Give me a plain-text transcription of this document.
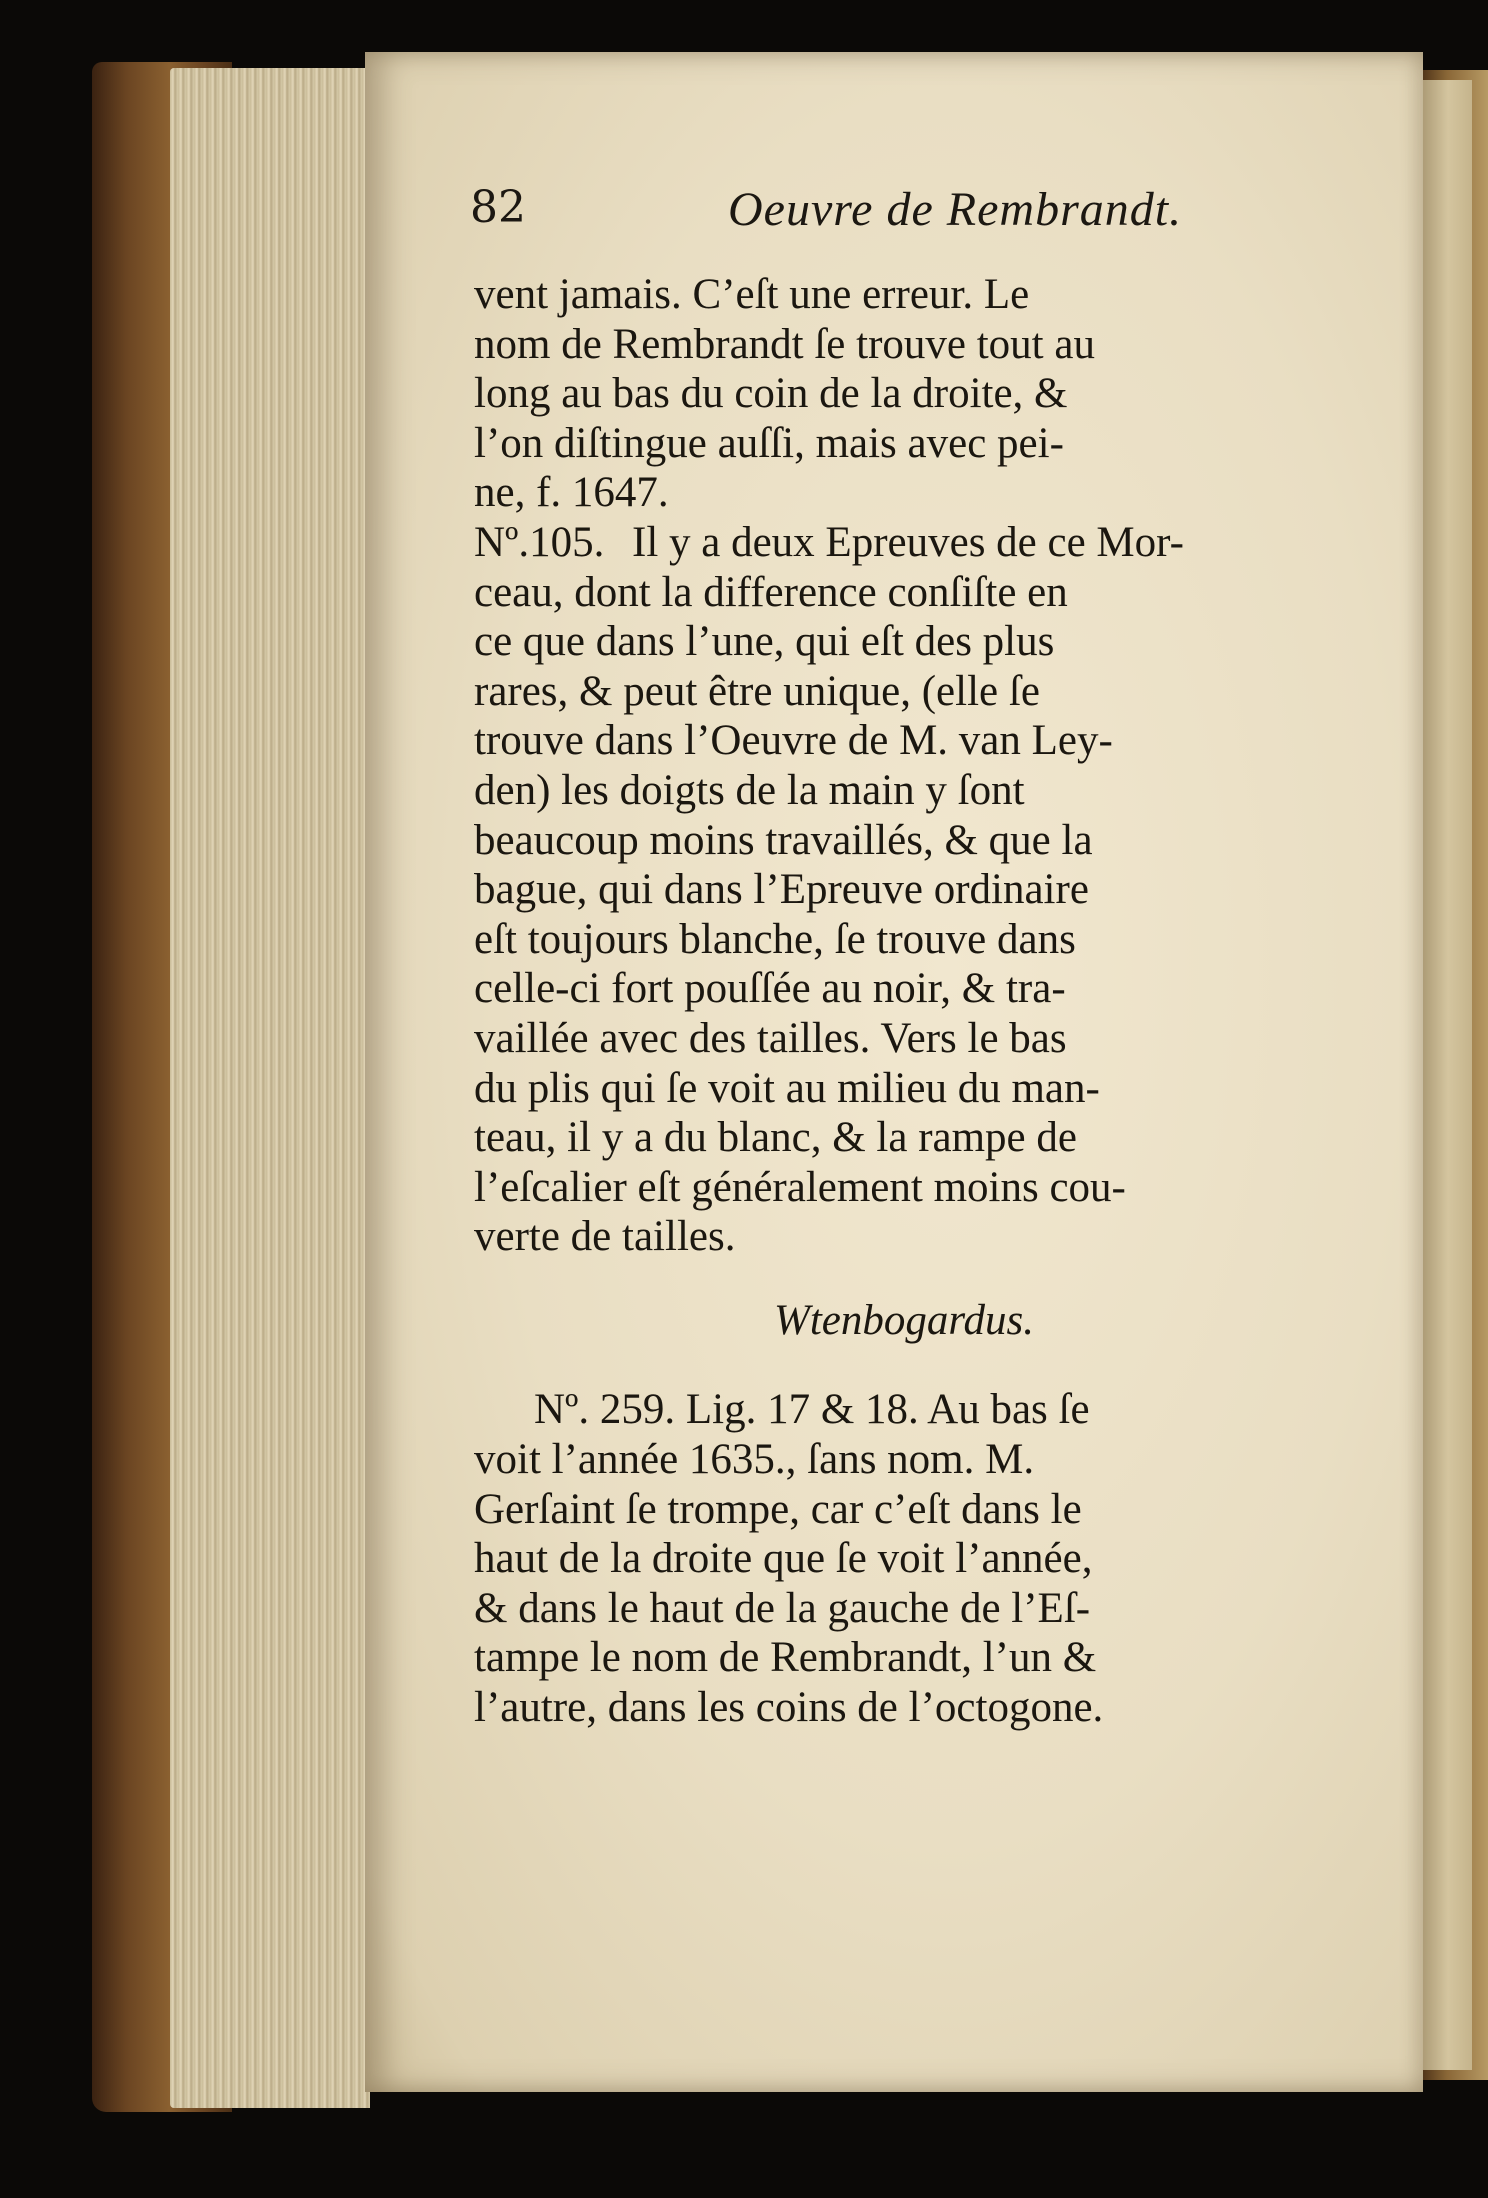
82	Oeuvre de Rembrandt.
vent jamais. C’eſt une erreur. Le
nom de Rembrandt ſe trouve tout au
long au bas du coin de la droite, &
l’on diſtingue auſſi, mais avec pei-
ne, f. 1647.
Nº.105. Il y a deux Epreuves de ce Mor-
ceau, dont la difference conſiſte en
ce que dans l’une, qui eſt des plus
rares, & peut être unique, (elle ſe
trouve dans l’Oeuvre de M. van Ley-
den) les doigts de la main y ſont
beaucoup moins travaillés, & que la
bague, qui dans l’Epreuve ordinaire
eſt toujours blanche, ſe trouve dans
celle-ci fort pouſſée au noir, & tra-
vaillée avec des tailles. Vers le bas
du plis qui ſe voit au milieu du man-
teau, il y a du blanc, & la rampe de
l’eſcalier eſt généralement moins cou-
verte de tailles.
Wtenbogardus.
Nº. 259. Lig. 17 & 18. Au bas ſe
voit l’année 1635., ſans nom. M.
Gerſaint ſe trompe, car c’eſt dans le
haut de la droite que ſe voit l’année,
& dans le haut de la gauche de l’Eſ-
tampe le nom de Rembrandt, l’un &
l’autre, dans les coins de l’octogone.
